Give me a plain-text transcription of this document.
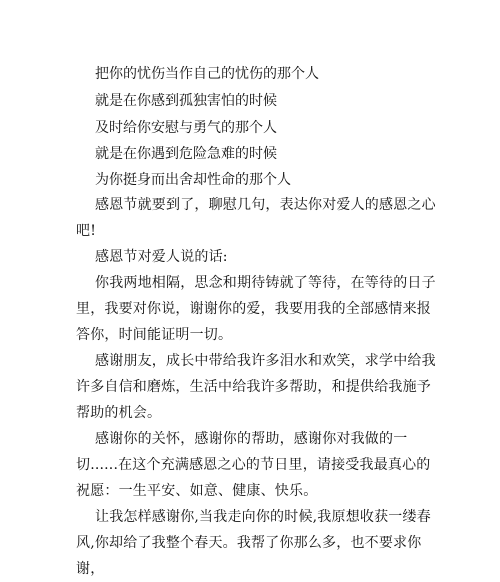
把你的忧伤当作自己的忧伤的那个人
就是在你感到孤独害怕的时候
及时给你安慰与勇气的那个人
就是在你遇到危险急难的时候
为你挺身而出舍却性命的那个人
感恩节就要到了，聊慰几句，表达你对爱人的感恩之心吧!
感恩节对爱人说的话:
你我两地相隔，思念和期待铸就了等待，在等待的日子里，我要对你说，谢谢你的爱，我要用我的全部感情来报答你，时间能证明一切。
感谢朋友，成长中带给我许多泪水和欢笑，求学中给我许多自信和磨炼，生活中给我许多帮助，和提供给我施予帮助的机会。
感谢你的关怀，感谢你的帮助，感谢你对我做的一切......在这个充满感恩之心的节日里，请接受我最真心的祝愿：一生平安、如意、健康、快乐。
让我怎样感谢你,当我走向你的时候,我原想收获一缕春风,你却给了我整个春天。我帮了你那么多，也不要求你谢，
